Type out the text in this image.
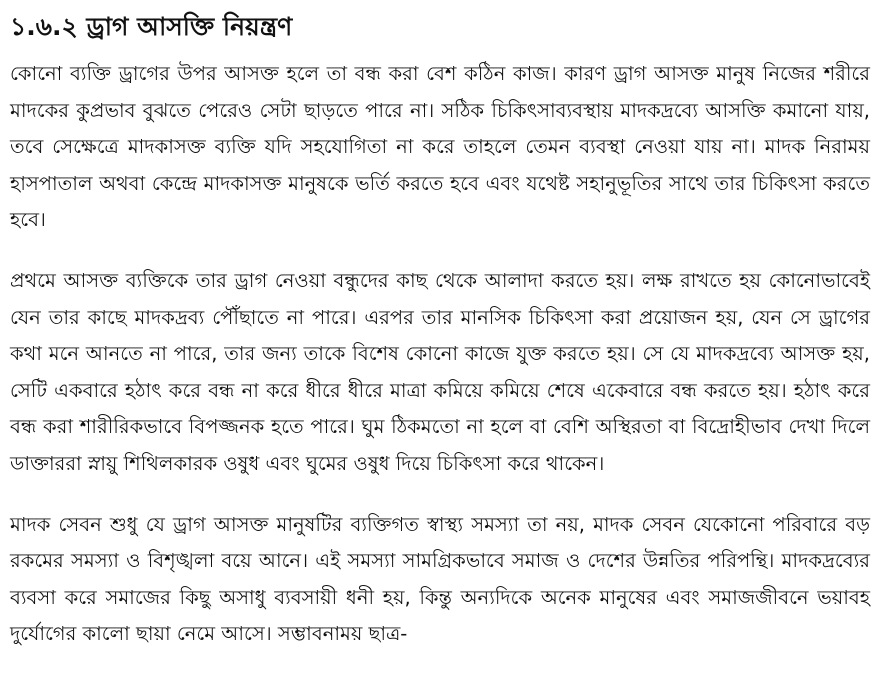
১.৬.২ ড্রাগ আসক্তি নিয়ন্ত্রণ

কোনো ব্যক্তি ড্রাগের উপর আসক্ত হলে তা বন্ধ করা বেশ কঠিন কাজ। কারণ ড্রাগ আসক্ত মানুষ নিজের শরীরে মাদকের কুপ্রভাব বুঝতে পেরেও সেটা ছাড়তে পারে না। সঠিক চিকিৎসাব্যবস্থায় মাদকদ্রব্যে আসক্তি কমানো যায়, তবে সেক্ষেত্রে মাদকাসক্ত ব্যক্তি যদি সহযোগিতা না করে তাহলে তেমন ব্যবস্থা নেওয়া যায় না। মাদক নিরাময় হাসপাতাল অথবা কেন্দ্রে মাদকাসক্ত মানুষকে ভর্তি করতে হবে এবং যথেষ্ট সহানুভূতির সাথে তার চিকিৎসা করতে হবে।

প্রথমে আসক্ত ব্যক্তিকে তার ড্রাগ নেওয়া বন্ধুদের কাছ থেকে আলাদা করতে হয়। লক্ষ রাখতে হয় কোনোভাবেই যেন তার কাছে মাদকদ্রব্য পৌঁছাতে না পারে। এরপর তার মানসিক চিকিৎসা করা প্রয়োজন হয়, যেন সে ড্রাগের কথা মনে আনতে না পারে, তার জন্য তাকে বিশেষ কোনো কাজে যুক্ত করতে হয়। সে যে মাদকদ্রব্যে আসক্ত হয়, সেটি একবারে হঠাৎ করে বন্ধ না করে ধীরে ধীরে মাত্রা কমিয়ে কমিয়ে শেষে একেবারে বন্ধ করতে হয়। হঠাৎ করে বন্ধ করা শারীরিকভাবে বিপজ্জনক হতে পারে। ঘুম ঠিকমতো না হলে বা বেশি অস্থিরতা বা বিদ্রোহীভাব দেখা দিলে ডাক্তাররা স্নায়ু শিথিলকারক ওষুধ এবং ঘুমের ওষুধ দিয়ে চিকিৎসা করে থাকেন।

মাদক সেবন শুধু যে ড্রাগ আসক্ত মানুষটির ব্যক্তিগত স্বাস্থ্য সমস্যা তা নয়, মাদক সেবন যেকোনো পরিবারে বড় রকমের সমস্যা ও বিশৃঙ্খলা বয়ে আনে। এই সমস্যা সামগ্রিকভাবে সমাজ ও দেশের উন্নতির পরিপন্থি। মাদকদ্রব্যের ব্যবসা করে সমাজের কিছু অসাধু ব্যবসায়ী ধনী হয়, কিন্তু অন্যদিকে অনেক মানুষের এবং সমাজজীবনে ভয়াবহ দুর্যোগের কালো ছায়া নেমে আসে। সম্ভাবনাময় ছাত্র-
